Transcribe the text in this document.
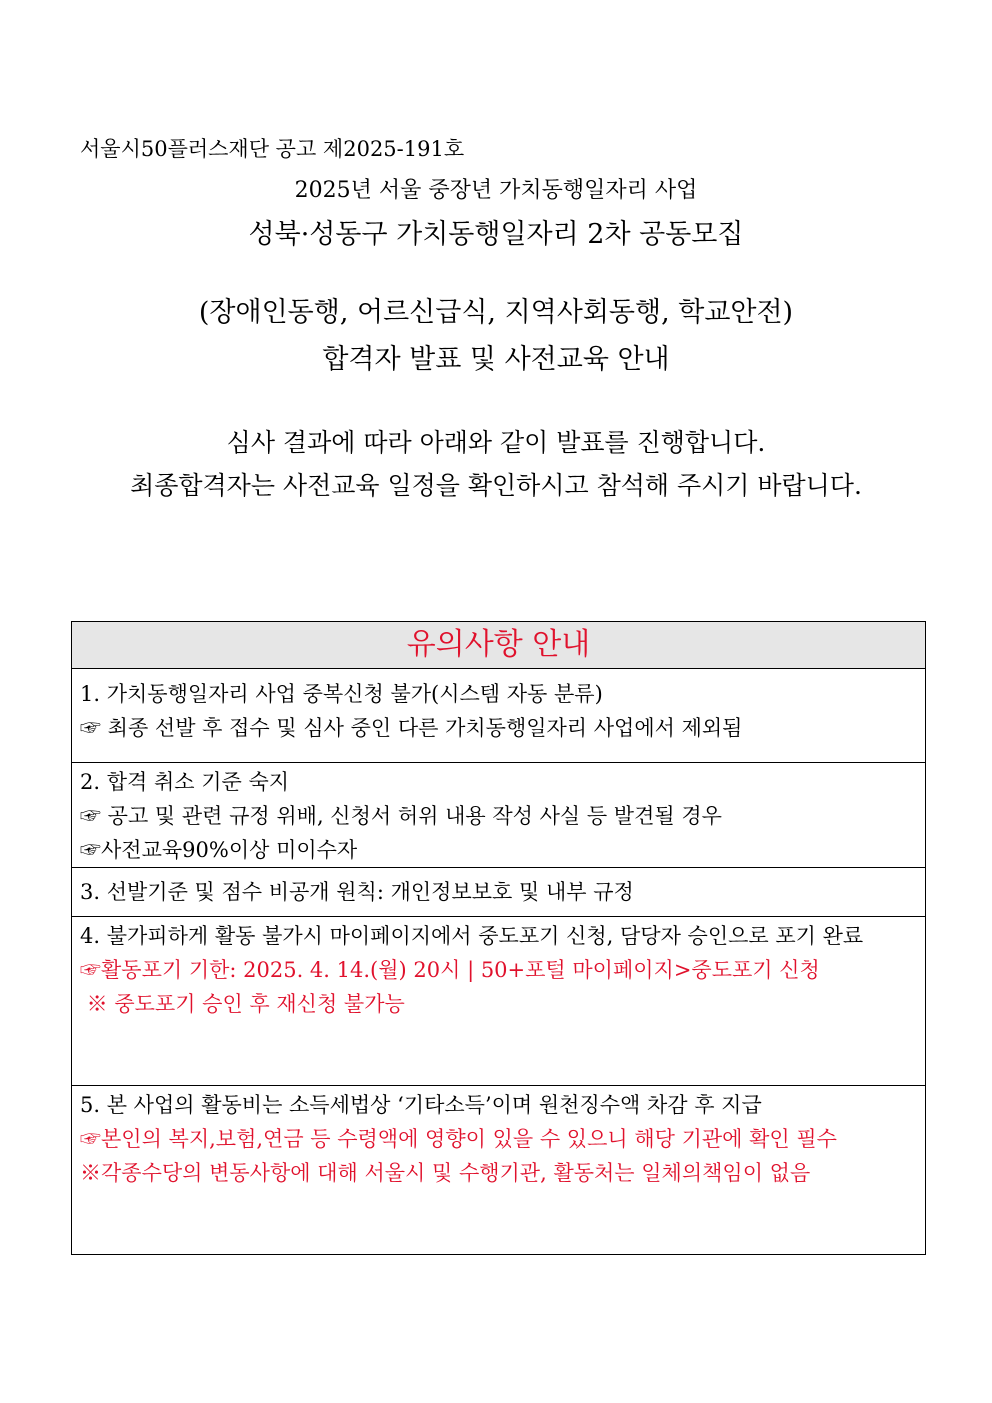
서울시50플러스재단 공고 제2025-191호
2025년 서울 중장년 가치동행일자리 사업
성북·성동구 가치동행일자리 2차 공동모집
(장애인동행, 어르신급식, 지역사회동행, 학교안전)
합격자 발표 및 사전교육 안내
심사 결과에 따라 아래와 같이 발표를 진행합니다.
최종합격자는 사전교육 일정을 확인하시고 참석해 주시기 바랍니다.
유의사항 안내

1. 가치동행일자리 사업 중복신청 불가(시스템 자동 분류)
☞ 최종 선발 후 접수 및 심사 중인 다른 가치동행일자리 사업에서 제외됨

2. 합격 취소 기준 숙지
☞ 공고 및 관련 규정 위배, 신청서 허위 내용 작성 사실 등 발견될 경우
☞사전교육90%이상 미이수자

3. 선발기준 및 점수 비공개 원칙: 개인정보보호 및 내부 규정

4. 불가피하게 활동 불가시 마이페이지에서 중도포기 신청, 담당자 승인으로 포기 완료
☞활동포기 기한: 2025. 4. 14.(월) 20시 | 50+포털 마이페이지>중도포기 신청
※ 중도포기 승인 후 재신청 불가능

5. 본 사업의 활동비는 소득세법상 ‘기타소득’이며 원천징수액 차감 후 지급
☞본인의 복지,보험,연금 등 수령액에 영향이 있을 수 있으니 해당 기관에 확인 필수
※각종수당의 변동사항에 대해 서울시 및 수행기관, 활동처는 일체의책임이 없음
